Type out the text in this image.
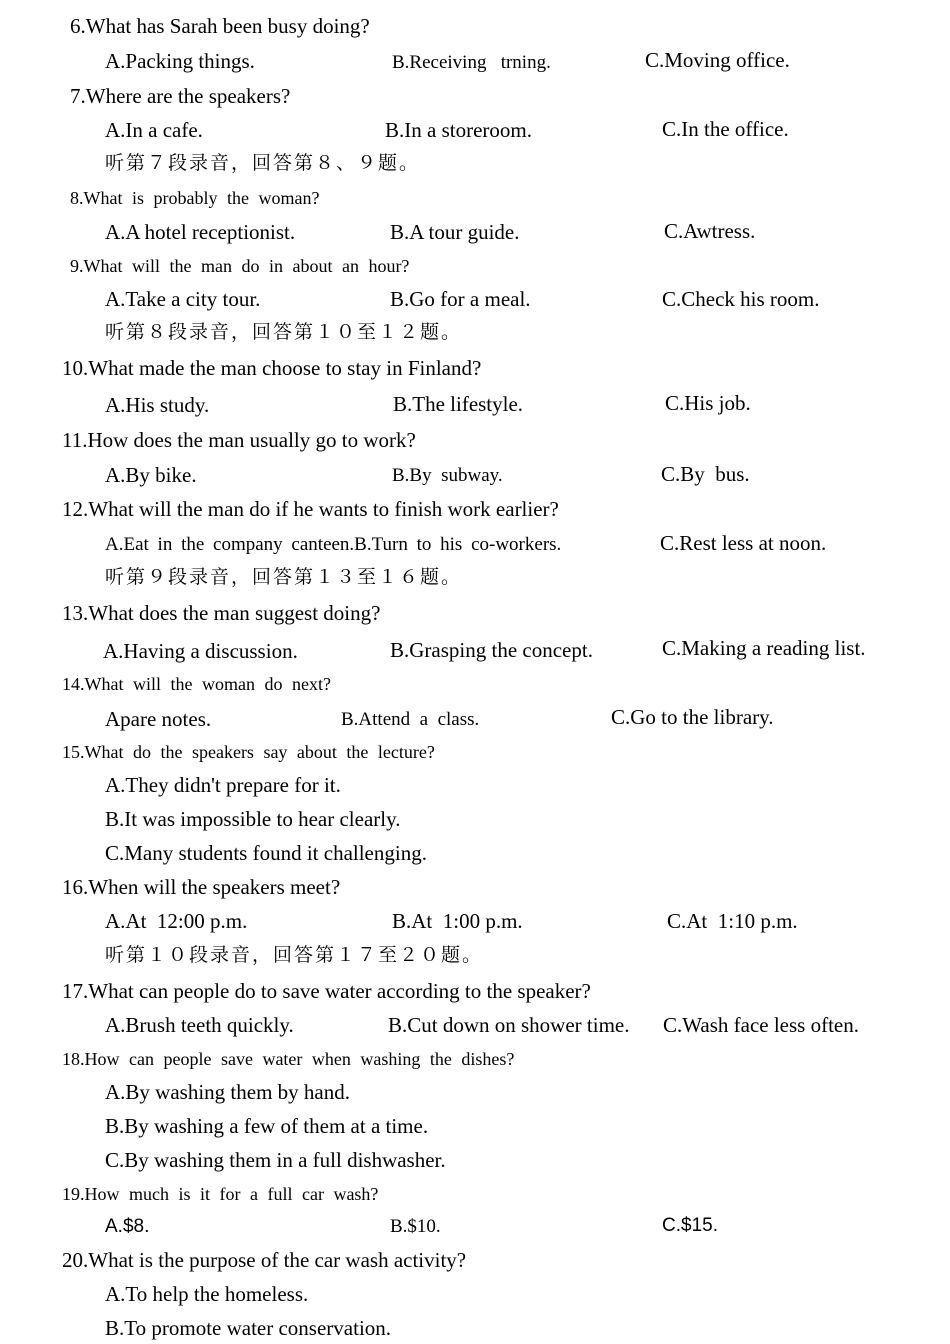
6.What has Sarah been busy doing?
A.Packing things.	B.Receiving   trning.	C.Moving office.
7.Where are the speakers?
A.In a cafe.	B.In a storeroom.	C.In the office.
听第７段录音，回答第８、９题。
8.What is probably the woman?
A.A hotel receptionist.	B.A tour guide.	C.Awtress.
9.What will the man do in about an hour?
A.Take a city tour.	B.Go for a meal.	C.Check his room.
听第８段录音，回答第１０至１２题。
10.What made the man choose to stay in Finland?
A.His study.	B.The lifestyle.	C.His job.
11.How does the man usually go to work?
A.By bike.	B.By  subway.	C.By  bus.
12.What will the man do if he wants to finish work earlier?
A.Eat in the company canteen.B.Turn to his co-workers.	C.Rest less at noon.
听第９段录音，回答第１３至１６题。
13.What does the man suggest doing?
A.Having a discussion.	B.Grasping the concept.	C.Making a reading list.
14.What will the woman do next?
Apare notes.	B.Attend  a  class.	C.Go to the library.
15.What do the speakers say about the lecture?
A.They didn't prepare for it.
B.It was impossible to hear clearly.
C.Many students found it challenging.
16.When will the speakers meet?
A.At  12:00 p.m.	B.At  1:00 p.m.	C.At  1:10 p.m.
听第１０段录音，回答第１７至２０题。
17.What can people do to save water according to the speaker?
A.Brush teeth quickly.	B.Cut down on shower time. C.Wash face less often.
18.How can people save water when washing the dishes?
A.By washing them by hand.
B.By washing a few of them at a time.
C.By washing them in a full dishwasher.
19.How much is it for a full car wash?
A.$8.	B.$10.	C.$15.
20.What is the purpose of the car wash activity?
A.To help the homeless.
B.To promote water conservation.
